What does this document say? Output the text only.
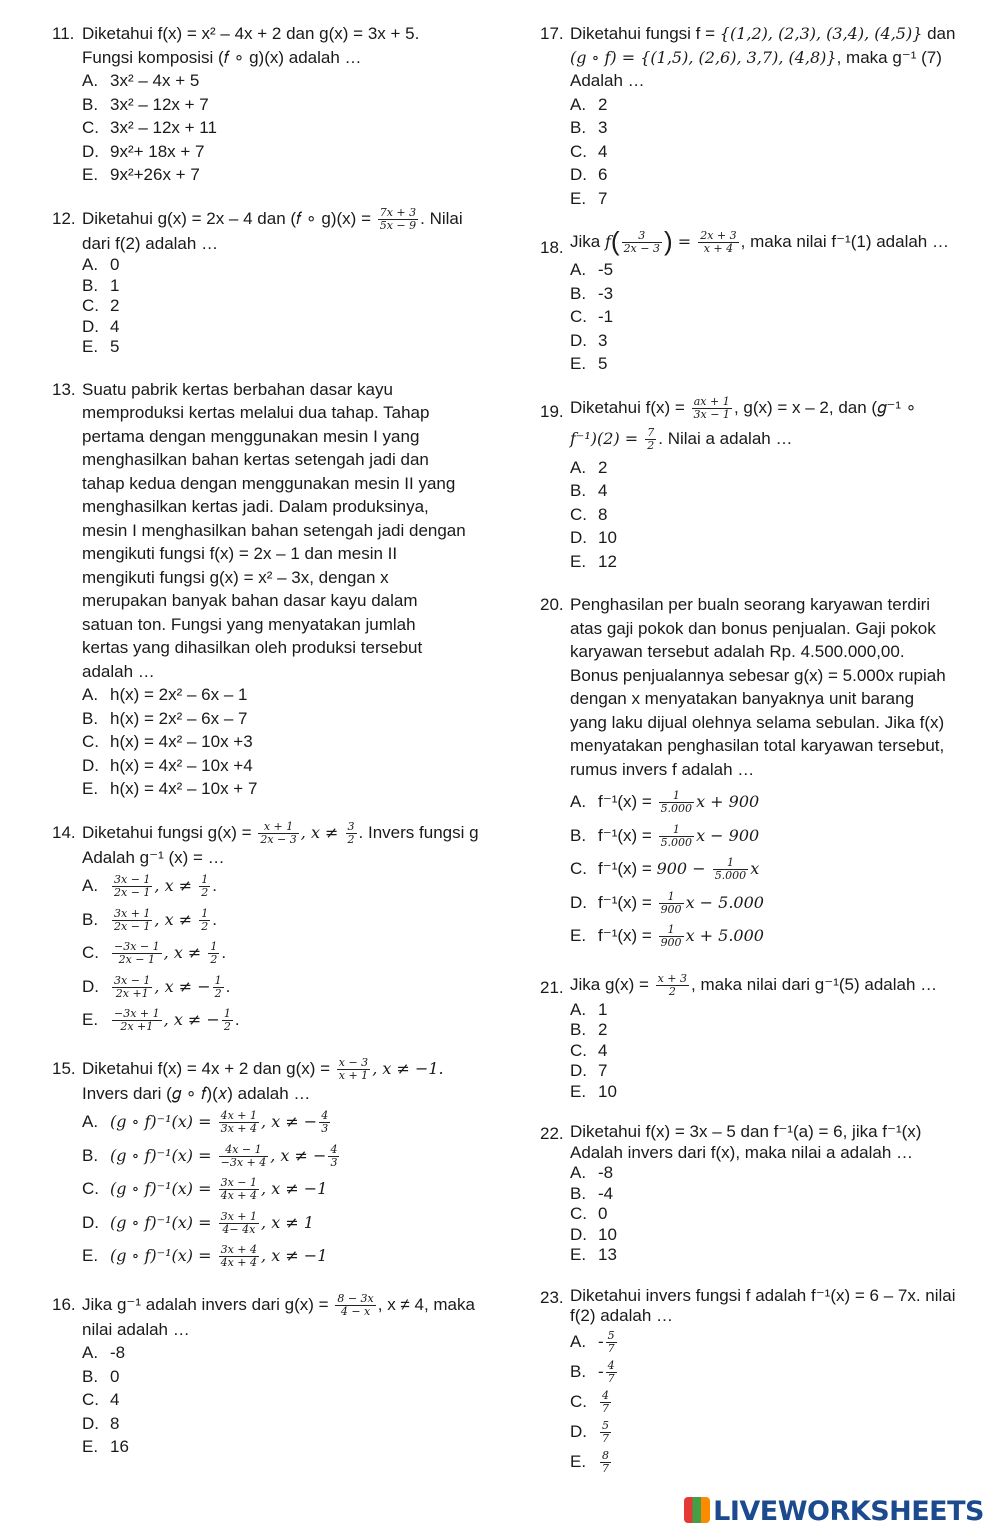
11. Diketahui f(x) = x² – 4x + 2 dan g(x) = 3x + 5.
Fungsi komposisi (𝑓 ∘ g)(x) adalah …
A. 3x² – 4x + 5
B. 3x² – 12x + 7
C. 3x² – 12x + 11
D. 9x²+ 18x + 7
E. 9x²+26x + 7
12. Diketahui g(x) = 2x – 4 dan (𝑓 ∘ $g)(x) = \frac{\text{7𝑥 + 3}}{\text{5𝑥 − 9}}$ . Nilai
dari f(2) adalah …
A. 0
B. 1
C. 2
D. 4
E. 5
13. Suatu pabrik kertas berbahan dasar kayu
memproduksi kertas melalui dua tahap. Tahap
pertama dengan menggunakan mesin I yang
menghasilkan bahan kertas setengah jadi dan
tahap kedua dengan menggunakan mesin II yang
menghasilkan kertas jadi. Dalam produksinya,
mesin I menghasilkan bahan setengah jadi dengan
mengikuti fungsi f(x) = 2x – 1 dan mesin II
mengikuti fungsi g(x) = x² – 3x, dengan x
merupakan banyak bahan dasar kayu dalam
satuan ton. Fungsi yang menyatakan jumlah
kertas yang dihasilkan oleh produksi tersebut
adalah …
A. h(x) = 2x² – 6x – 1
B. h(x) = 2x² – 6x – 7
C. h(x) = 4x² – 10x +3
D. h(x) = 4x² – 10x +4
E. h(x) = 4x² – 10x + 7
14. Diketahui fungsi $g(x) = \frac{\text{𝑥 + 1}}{\text{2𝑥 − 3}}$ , 𝑥 ≠ $\frac{3}{2}$ . Invers fungsi g
Adalah g⁻¹ (x) = …
A. $\frac{\text{3𝑥 − 1}}{\text{2𝑥 − 1}}$ , 𝑥 ≠ $\frac{1}{2}$ .
B. $\frac{\text{3𝑥 + 1}}{\text{2𝑥 − 1}}$ , 𝑥 ≠ $\frac{1}{2}$ .
C. $\frac{\text{−3𝑥 − 1}}{\text{2𝑥 − 1}}$ , 𝑥 ≠ $\frac{1}{2}$ .
D. $\frac{\text{3𝑥 − 1}}{\text{2𝑥 +1}}$ , 𝑥 ≠ − $\frac{1}{2}$ .
E. $\frac{\text{−3𝑥 + 1}}{\text{2𝑥 +1}}$ , 𝑥 ≠ − $\frac{1}{2}$ .
15. Diketahui f(x) = 4x + 2 dan $g(x) = \frac{\text{𝑥 − 3}}{\text{𝑥 + 1}}$ , 𝑥 ≠ −1.
Invers dari (𝑔 ∘ 𝑓)(𝑥) adalah …
A. (𝑔 ∘ 𝑓)⁻¹(𝑥) = $\frac{\text{4𝑥 + 1}}{\text{3𝑥 + 4}}$ , 𝑥 ≠ − $\frac{4}{3}$
B. (𝑔 ∘ 𝑓)⁻¹(𝑥) = $\frac{\text{4𝑥 − 1}}{\text{−3𝑥 + 4}}$ , 𝑥 ≠ − $\frac{4}{3}$
C. (𝑔 ∘ 𝑓)⁻¹(𝑥) = $\frac{\text{3𝑥 − 1}}{\text{4𝑥 + 4}}$ , 𝑥 ≠ −1
D. (𝑔 ∘ 𝑓)⁻¹(𝑥) = $\frac{\text{3𝑥 + 1}}{\text{4− 4𝑥}}$ , 𝑥 ≠ 1
E. (𝑔 ∘ 𝑓)⁻¹(𝑥) = $\frac{\text{3𝑥 + 4}}{\text{4𝑥 + 4}}$ , 𝑥 ≠ −1
16. Jika g⁻¹ adalah invers dari $g(x) = \frac{\text{8 − 3𝑥}}{\text{4 − 𝑥}}$ , x ≠ 4, maka
nilai adalah …
A. -8
B. 0
C. 4
D. 8
E. 16
17. Diketahui fungsi f = {(1,2), (2,3), (3,4), (4,5)} dan
(𝑔 ∘ 𝑓) = {(1,5), (2,6), 3,7), (4,8)}, maka g⁻¹ (7)
Adalah …
A. 2
B. 3
C. 4
D. 6
E. 7
18. Jika 𝑓( $\frac{3}{\text{2𝑥 − 3}}$ ) = $\frac{\text{2𝑥 + 3}}{\text{𝑥 + 4}}$ , maka nilai f⁻¹(1) adalah …
A. -5
B. -3
C. -1
D. 3
E. 5
19. Diketahui $f(x) = \frac{\text{𝑎𝑥 + 1}}{\text{3𝑥 − 1}}$ , g(x) = x – 2, dan (𝑔⁻¹ ∘
𝑓⁻¹)(2) = $\frac{7}{2}$ . Nilai a adalah …
A. 2
B. 4
C. 8
D. 10
E. 12
20. Penghasilan per bualn seorang karyawan terdiri
atas gaji pokok dan bonus penjualan. Gaji pokok
karyawan tersebut adalah Rp. 4.500.000,00.
Bonus penjualannya sebesar g(x) = 5.000x rupiah
dengan x menyatakan banyaknya unit barang
yang laku dijual olehnya selama sebulan. Jika f(x)
menyatakan penghasilan total karyawan tersebut,
rumus invers f adalah …
A. $f^{-1}(x) = \frac{1}{5.000}$ 𝑥 + 900
B. $f^{-1}(x) = \frac{1}{5.000}$ 𝑥 − 900
C. $f^{-1}(x) = 900 - \frac{1}{5.000}$ 𝑥
D. $f^{-1}(x) = \frac{1}{900}$ 𝑥 − 5.000
E. $f^{-1}(x) = \frac{1}{900}$ 𝑥 + 5.000
21. Jika $g(x) = \frac{\text{𝑥 + 3}}{2}$ , maka nilai dari g⁻¹(5) adalah …
A. 1
B. 2
C. 4
D. 7
E. 10
22. Diketahui f(x) = 3x – 5 dan f⁻¹(a) = 6, jika f⁻¹(x)
Adalah invers dari f(x), maka nilai a adalah …
A. -8
B. -4
C. 0
D. 10
E. 13
23. Diketahui invers fungsi f adalah f⁻¹(x) = 6 – 7x. nilai
f(2) adalah …
A. - $\frac{5}{7}$
B. - $\frac{4}{7}$
C. $\frac{4}{7}$
D. $\frac{5}{7}$
E. $\frac{8}{7}$
LIVEWORKSHEETS
